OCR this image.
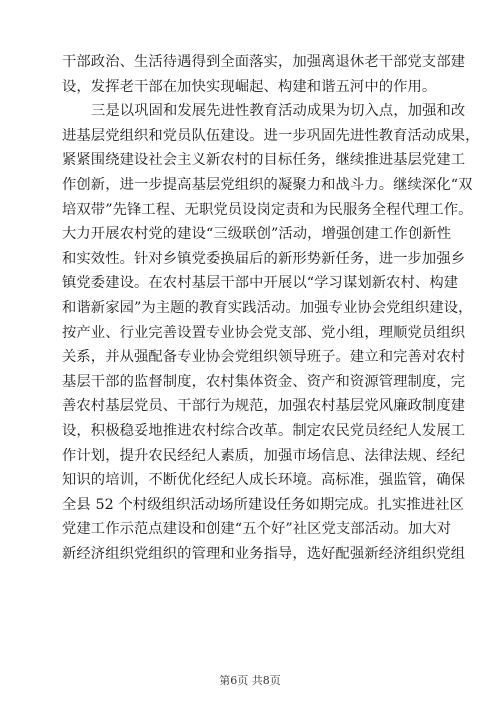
干部政治、生活待遇得到全面落实，加强离退休老干部党支部建
设，发挥老干部在加快实现崛起、构建和谐五河中的作用。
三是以巩固和发展先进性教育活动成果为切入点，加强和改
进基层党组织和党员队伍建设。进一步巩固先进性教育活动成果，
紧紧围绕建设社会主义新农村的目标任务，继续推进基层党建工
作创新，进一步提高基层党组织的凝聚力和战斗力。继续深化“双
培双带”先锋工程、无职党员设岗定责和为民服务全程代理工作。
大力开展农村党的建设“三级联创”活动，增强创建工作创新性
和实效性。针对乡镇党委换届后的新形势新任务，进一步加强乡
镇党委建设。在农村基层干部中开展以“学习谋划新农村、构建
和谐新家园”为主题的教育实践活动。加强专业协会党组织建设，
按产业、行业完善设置专业协会党支部、党小组，理顺党员组织
关系，并从强配备专业协会党组织领导班子。建立和完善对农村
基层干部的监督制度，农村集体资金、资产和资源管理制度，完
善农村基层党员、干部行为规范，加强农村基层党风廉政制度建
设，积极稳妥地推进农村综合改革。制定农民党员经纪人发展工
作计划，提升农民经纪人素质，加强市场信息、法律法规、经纪
知识的培训，不断优化经纪人成长环境。高标准，强监管，确保
全县 52 个村级组织活动场所建设任务如期完成。扎实推进社区
党建工作示范点建设和创建“五个好”社区党支部活动。加大对
新经济组织党组织的管理和业务指导，选好配强新经济组织党组
第6页 共8页
